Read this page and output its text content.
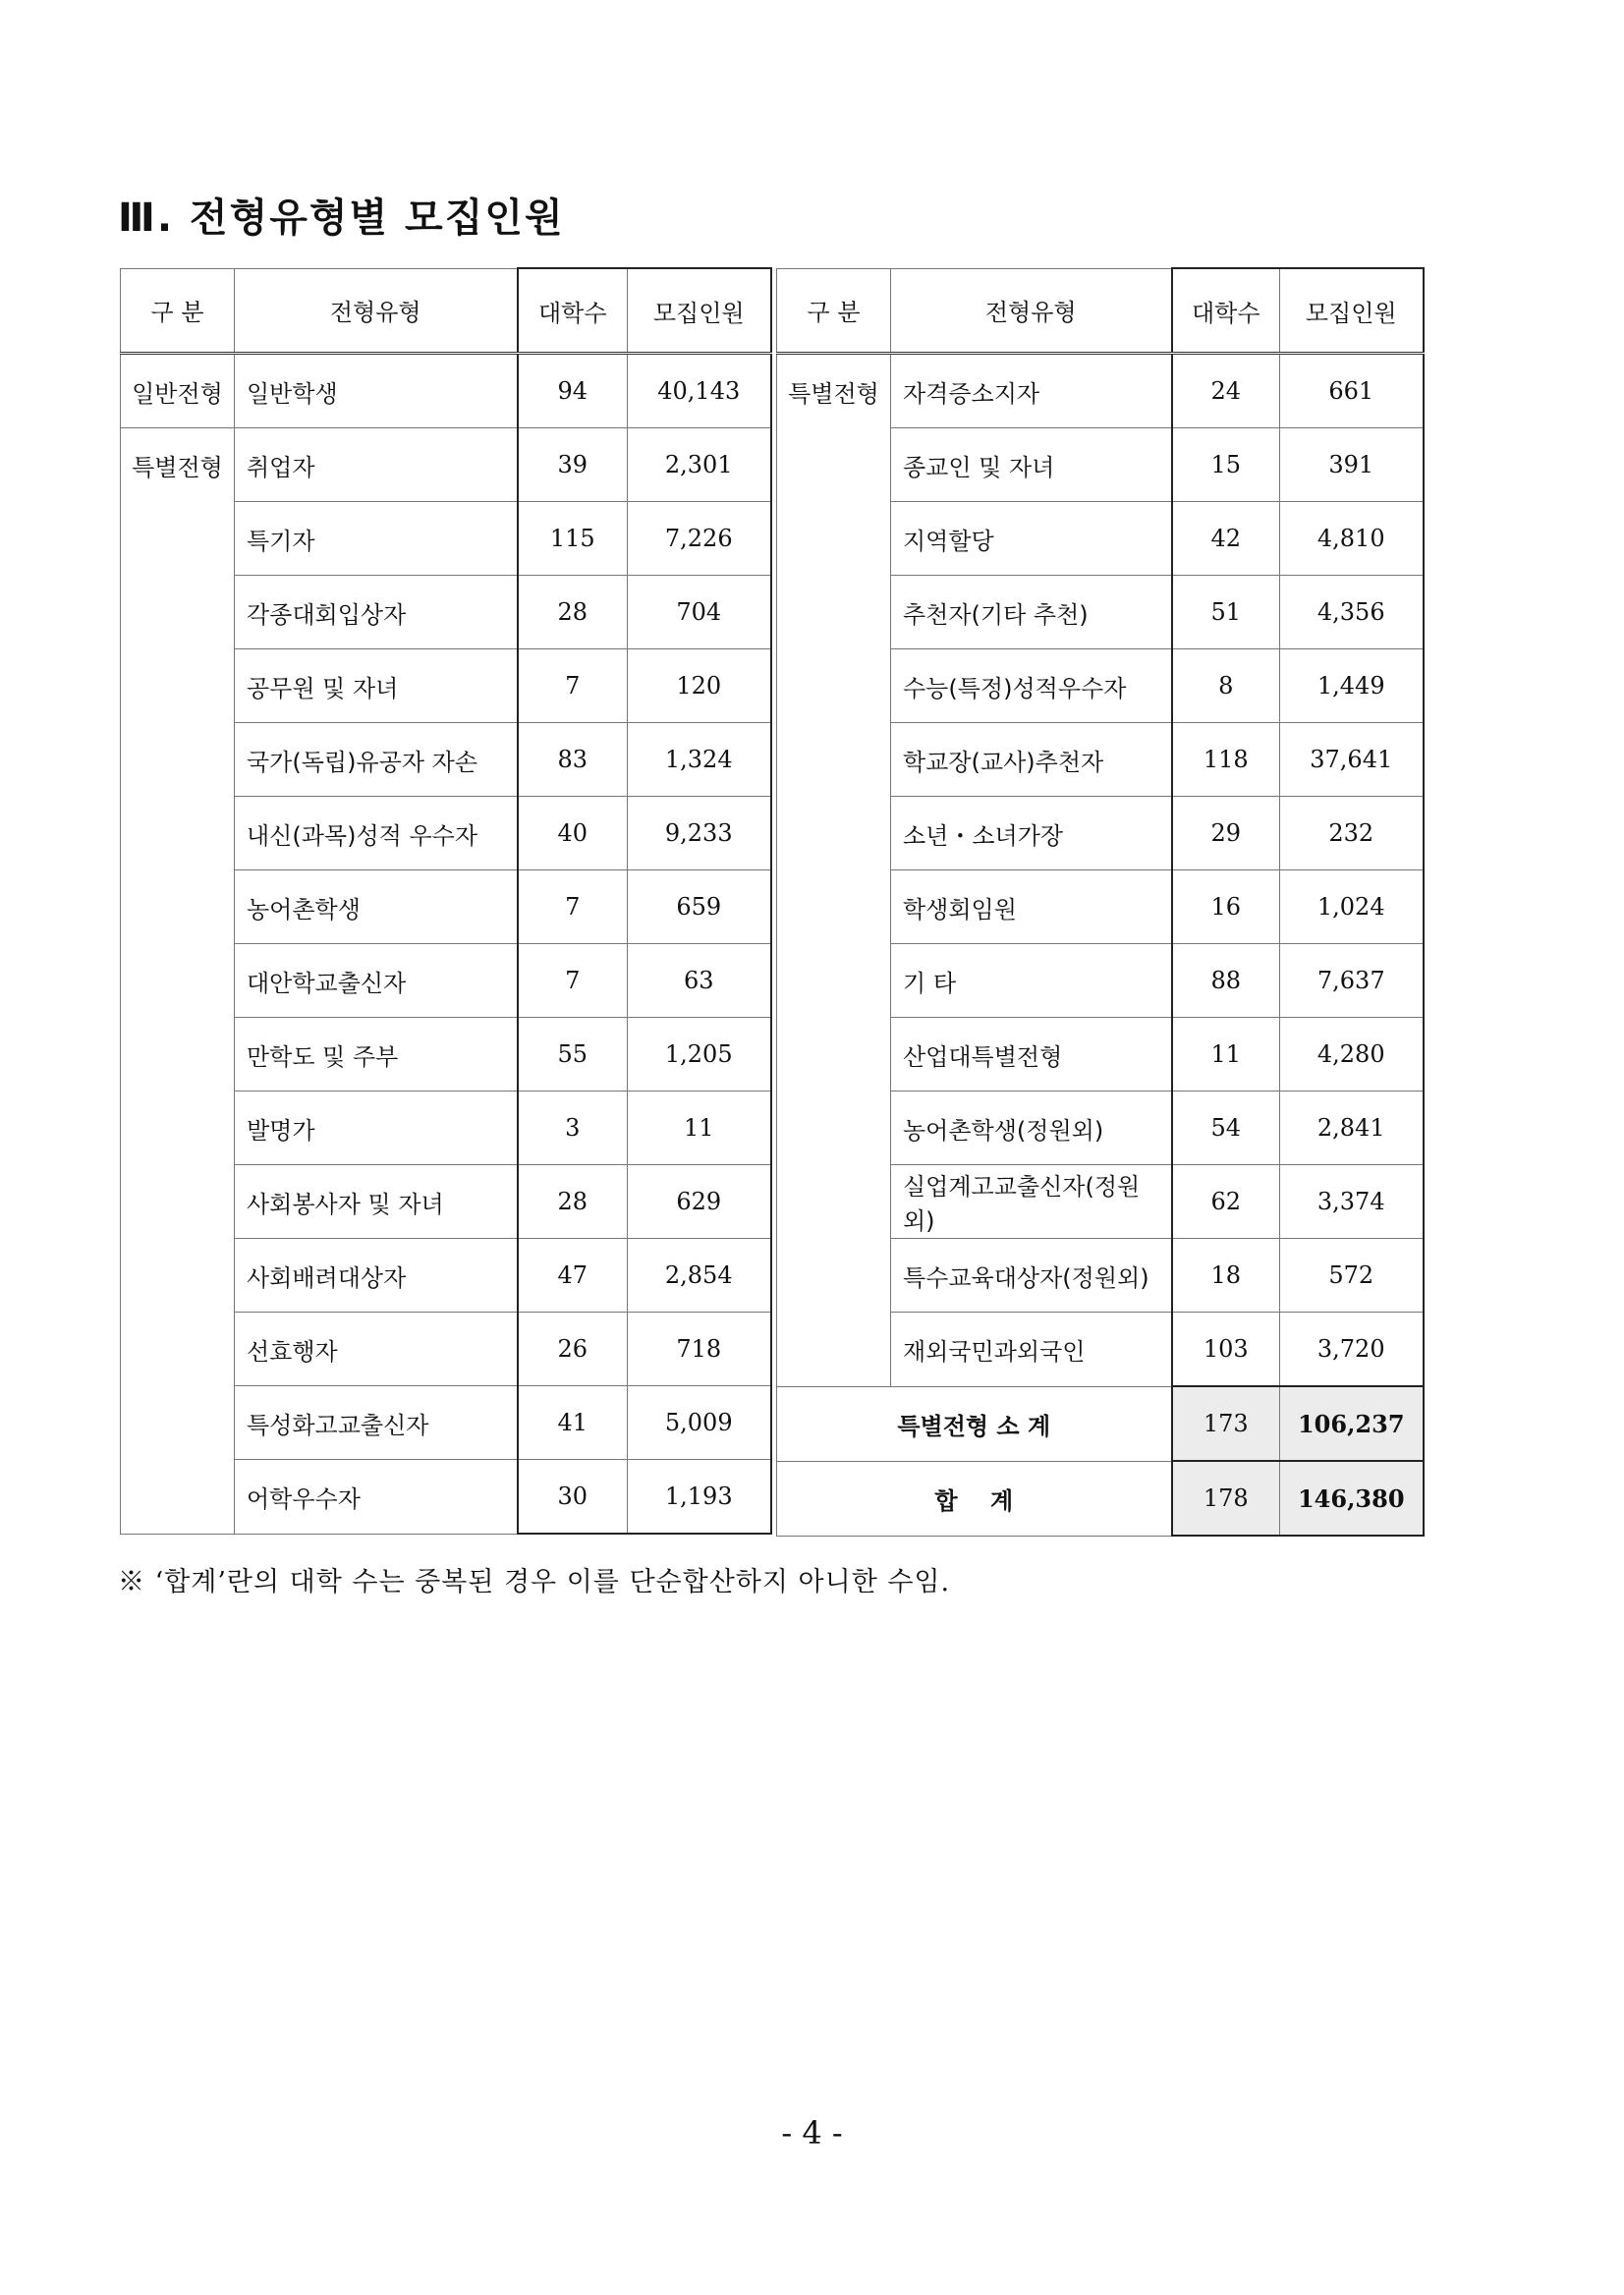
Ⅲ. 전형유형별 모집인원
구 분	전형유형	대학수	모집인원
일반전형	일반학생	94	40,143
특별전형	취업자	39	2,301
	특기자	115	7,226
	각종대회입상자	28	704
	공무원 및 자녀	7	120
	국가(독립)유공자 자손	83	1,324
	내신(과목)성적 우수자	40	9,233
	농어촌학생	7	659
	대안학교출신자	7	63
	만학도 및 주부	55	1,205
	발명가	3	11
	사회봉사자 및 자녀	28	629
	사회배려대상자	47	2,854
	선효행자	26	718
	특성화고교출신자	41	5,009
	어학우수자	30	1,193
구 분	전형유형	대학수	모집인원
특별전형	자격증소지자	24	661
	종교인 및 자녀	15	391
	지역할당	42	4,810
	추천자(기타 추천)	51	4,356
	수능(특정)성적우수자	8	1,449
	학교장(교사)추천자	118	37,641
	소년・소녀가장	29	232
	학생회임원	16	1,024
	기 타	88	7,637
	산업대특별전형	11	4,280
	농어촌학생(정원외)	54	2,841
	실업계고교출신자(정원외)	62	3,374
	특수교육대상자(정원외)	18	572
	재외국민과외국인	103	3,720
특별전형 소 계		173	106,237
합    계		178	146,380
※ ‘합계’란의 대학 수는 중복된 경우 이를 단순합산하지 아니한 수임.
- 4 -
